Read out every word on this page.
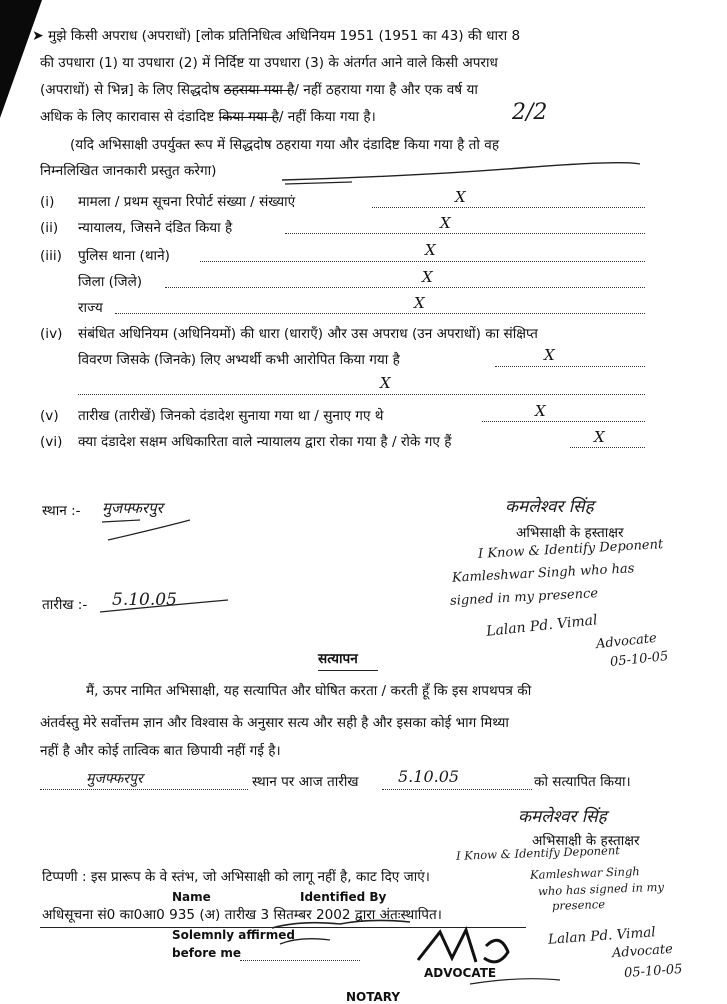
➤ मुझे किसी अपराध (अपराधों) [लोक प्रतिनिधित्व अधिनियम 1951 (1951 का 43) की धारा 8
की उपधारा (1) या उपधारा (2) में निर्दिष्ट या उपधारा (3) के अंतर्गत आने वाले किसी अपराध
(अपराधों) से भिन्न] के लिए सिद्धदोष ठहराया गया है/ नहीं ठहराया गया है और एक वर्ष या
अधिक के लिए कारावास से दंडादिष्ट किया गया है/ नहीं किया गया है।	2/2
(यदि अभिसाक्षी उपर्युक्त रूप में सिद्धदोष ठहराया गया और दंडादिष्ट किया गया है तो वह
निम्नलिखित जानकारी प्रस्तुत करेगा)
(i) मामला / प्रथम सूचना रिपोर्ट संख्या / संख्याएं	X
(ii) न्यायालय, जिसने दंडित किया है	X
(iii) पुलिस थाना (थाने)	X
जिला (जिले)	X
राज्य	X
(iv) संबंधित अधिनियम (अधिनियमों) की धारा (धाराएँ) और उस अपराध (उन अपराधों) का संक्षिप्त
विवरण जिसके (जिनके) लिए अभ्यर्थी कभी आरोपित किया गया है	X
X
(v) तारीख (तारीखें) जिनको दंडादेश सुनाया गया था / सुनाए गए थे	X
(vi) क्या दंडादेश सक्षम अधिकारिता वाले न्यायालय द्वारा रोका गया है / रोके गए हैं	X
स्थान :- मुजफ्फरपुर
तारीख :- 5.10.05
कमलेश्वर सिंह
अभिसाक्षी के हस्ताक्षर
I Know & Identify Deponent
Kamleshwar Singh who has
signed in my presence
Lalan Pd. Vimal
Advocate
05-10-05
सत्यापन
मैं, ऊपर नामित अभिसाक्षी, यह सत्यापित और घोषित करता / करती हूँ कि इस शपथपत्र की
अंतर्वस्तु मेरे सर्वोत्तम ज्ञान और विश्वास के अनुसार सत्य और सही है और इसका कोई भाग मिथ्या
नहीं है और कोई तात्विक बात छिपायी नहीं गई है।
मुजफ्फरपुर	स्थान पर आज तारीख 5.10.05	को सत्यापित किया।
कमलेश्वर सिंह
अभिसाक्षी के हस्ताक्षर
I Know & Identify Deponent
Kamleshwar Singh
who has signed in my
presence
टिप्पणी : इस प्रारूप के वे स्तंभ, जो अभिसाक्षी को लागू नहीं है, काट दिए जाएं।
अधिसूचना सं0 का0आ0 935 (अ) तारीख 3 सितम्बर 2002 द्वारा अंतःस्थापित।
Name	Identified By
Solemnly affirmed
before me
ADVOCATE
NOTARY
Lalan Pd. Vimal
Advocate
05-10-05
